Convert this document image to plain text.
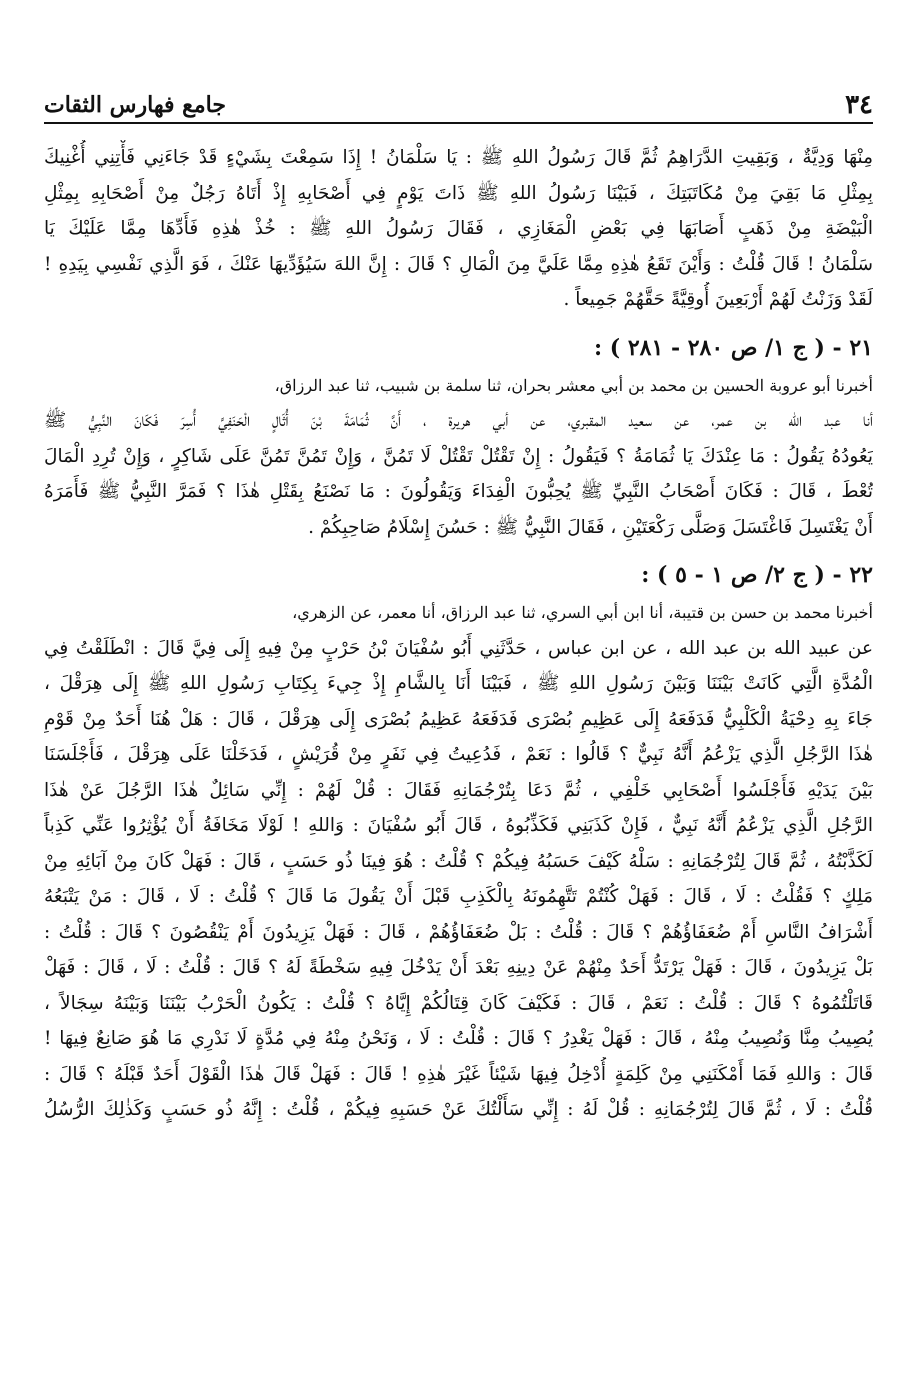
٣٤
جامع فهارس الثقات

مِنْهَا وَدِيَّةٌ ، وَبَقِيتِ الدَّرَاهِمُ ثُمَّ قَالَ رَسُولُ اللهِ ﷺ : يَا سَلْمَانُ ! إِذَا سَمِعْتَ بِشَيْءٍ قَدْ جَاءَنِي فَأْتِنِي أُغْنِيكَ

بِمِثْلِ مَا بَقِيَ مِنْ مُكَاتَبَتِكَ ، فَبَيْنَا رَسُولُ اللهِ ﷺ ذَاتَ يَوْمٍ فِي أَصْحَابِهِ إِذْ أَتَاهُ رَجُلٌ مِنْ أَصْحَابِهِ بِمِثْلِ

الْبَيْضَةِ مِنْ ذَهَبٍ أَصَابَهَا فِي بَعْضِ الْمَغَازِي ، فَقَالَ رَسُولُ اللهِ ﷺ : خُذْ هٰذِهِ فَأَدِّهَا مِمَّا عَلَيْكَ يَا

سَلْمَانُ ! قَالَ قُلْتُ : وَأَيْنَ تَقَعُ هٰذِهِ مِمَّا عَلَيَّ مِنَ الْمَالِ ؟ قَالَ : إِنَّ اللهَ سَيُؤَدِّيهَا عَنْكَ ، فَوَ الَّذِي نَفْسِي بِيَدِهِ !

لَقَدْ وَزَنْتُ لَهُمْ أَرْبَعِينَ أُوقِيَّةً حَقَّهُمْ جَمِيعاً .

٢١ - ( ج ١/ ص ٢٨٠ - ٢٨١ ) :

أخبرنا أبو عروبة الحسين بن محمد بن أبي معشر بحران، ثنا سلمة بن شبيب، ثنا عبد الرزاق،

أنا عبد الله بن عمر، عن سعيد المقبري، عن أبي هريرة ، أَنَّ ثُمَامَةَ بْنَ أُثَالٍ الْحَنَفِيَّ أُسِرَ فَكَانَ النَّبِيُّ ﷺ

يَعُودُهُ يَقُولُ : مَا عِنْدَكَ يَا ثُمَامَةُ ؟ فَيَقُولُ : إِنْ تَقْتُلْ تَقْتُلْ لَا تَمُنَّ ، وَإِنْ تَمُنَّ تَمُنَّ عَلَى شَاكِرٍ ، وَإِنْ تُرِدِ الْمَالَ

تُعْطَ ، قَالَ : فَكَانَ أَصْحَابُ النَّبِيِّ ﷺ يُحِبُّونَ الْفِدَاءَ وَيَقُولُونَ : مَا نَصْنَعُ بِقَتْلِ هٰذَا ؟ فَمَرَّ النَّبِيُّ ﷺ فَأَمَرَهُ

أَنْ يَغْتَسِلَ فَاغْتَسَلَ وَصَلَّى رَكْعَتَيْنِ ، فَقَالَ النَّبِيُّ ﷺ : حَسُنَ إِسْلَامُ صَاحِبِكُمْ .

٢٢ - ( ج ٢/ ص ١ - ٥ ) :

أخبرنا محمد بن حسن بن قتيبة، أنا ابن أبي السري، ثنا عبد الرزاق، أنا معمر، عن الزهري،

عن عبيد الله بن عبد الله ، عن ابن عباس ، حَدَّثَنِي أَبُو سُفْيَانَ بْنُ حَرْبٍ مِنْ فِيهِ إِلَى فِيَّ قَالَ : انْطَلَقْتُ فِي

الْمُدَّةِ الَّتِي كَانَتْ بَيْنَنَا وَبَيْنَ رَسُولِ اللهِ ﷺ ، فَبَيْنَا أَنَا بِالشَّامِ إِذْ جِيءَ بِكِتَابِ رَسُولِ اللهِ ﷺ إِلَى هِرَقْلَ ،

جَاءَ بِهِ دِحْيَةُ الْكَلْبِيُّ فَدَفَعَهُ إِلَى عَظِيمِ بُصْرَى فَدَفَعَهُ عَظِيمُ بُصْرَى إِلَى هِرَقْلَ ، قَالَ : هَلْ هُنَا أَحَدٌ مِنْ قَوْمِ

هٰذَا الرَّجُلِ الَّذِي يَزْعُمُ أَنَّهُ نَبِيٌّ ؟ قَالُوا : نَعَمْ ، فَدُعِيتُ فِي نَفَرٍ مِنْ قُرَيْشٍ ، فَدَخَلْنَا عَلَى هِرَقْلَ ، فَأَجْلَسَنَا

بَيْنَ يَدَيْهِ فَأَجْلَسُوا أَصْحَابِي خَلْفِي ، ثُمَّ دَعَا بِتُرْجُمَانِهِ فَقَالَ : قُلْ لَهُمْ : إِنِّي سَائِلٌ هٰذَا الرَّجُلَ عَنْ هٰذَا

الرَّجُلِ الَّذِي يَزْعُمُ أَنَّهُ نَبِيٌّ ، فَإِنْ كَذَبَنِي فَكَذِّبُوهُ ، قَالَ أَبُو سُفْيَانَ : وَاللهِ ! لَوْلَا مَخَافَةُ أَنْ يُؤْثِرُوا عَنِّي كَذِباً

لَكَذَّبْتُهُ ، ثُمَّ قَالَ لِتُرْجُمَانِهِ : سَلْهُ كَيْفَ حَسَبُهُ فِيكُمْ ؟ قُلْتُ : هُوَ فِينَا ذُو حَسَبٍ ، قَالَ : فَهَلْ كَانَ مِنْ آبَائِهِ مِنْ

مَلِكٍ ؟ فَقُلْتُ : لَا ، قَالَ : فَهَلْ كُنْتُمْ تَتَّهِمُونَهُ بِالْكَذِبِ قَبْلَ أَنْ يَقُولَ مَا قَالَ ؟ قُلْتُ : لَا ، قَالَ : مَنْ يَتْبَعُهُ

أَشْرَافُ النَّاسِ أَمْ ضُعَفَاؤُهُمْ ؟ قَالَ : قُلْتُ : بَلْ ضُعَفَاؤُهُمْ ، قَالَ : فَهَلْ يَزِيدُونَ أَمْ يَنْقُصُونَ ؟ قَالَ : قُلْتُ :

بَلْ يَزِيدُونَ ، قَالَ : فَهَلْ يَرْتَدُّ أَحَدٌ مِنْهُمْ عَنْ دِينِهِ بَعْدَ أَنْ يَدْخُلَ فِيهِ سَخْطَةً لَهُ ؟ قَالَ : قُلْتُ : لَا ، قَالَ : فَهَلْ

قَاتَلْتُمُوهُ ؟ قَالَ : قُلْتُ : نَعَمْ ، قَالَ : فَكَيْفَ كَانَ قِتَالُكُمْ إِيَّاهُ ؟ قُلْتُ : يَكُونُ الْحَرْبُ بَيْنَنَا وَبَيْنَهُ سِجَالاً ،

يُصِيبُ مِنَّا وَنُصِيبُ مِنْهُ ، قَالَ : فَهَلْ يَغْدِرُ ؟ قَالَ : قُلْتُ : لَا ، وَنَحْنُ مِنْهُ فِي مُدَّةٍ لَا نَدْرِي مَا هُوَ صَانِعٌ فِيهَا !

قَالَ : وَاللهِ فَمَا أَمْكَنَنِي مِنْ كَلِمَةٍ أُدْخِلُ فِيهَا شَيْئاً غَيْرَ هٰذِهِ ! قَالَ : فَهَلْ قَالَ هٰذَا الْقَوْلَ أَحَدٌ قَبْلَهُ ؟ قَالَ :

قُلْتُ : لَا ، ثُمَّ قَالَ لِتُرْجُمَانِهِ : قُلْ لَهُ : إِنِّي سَأَلْتُكَ عَنْ حَسَبِهِ فِيكُمْ ، قُلْتُ : إِنَّهُ ذُو حَسَبٍ وَكَذٰلِكَ الرُّسُلُ
